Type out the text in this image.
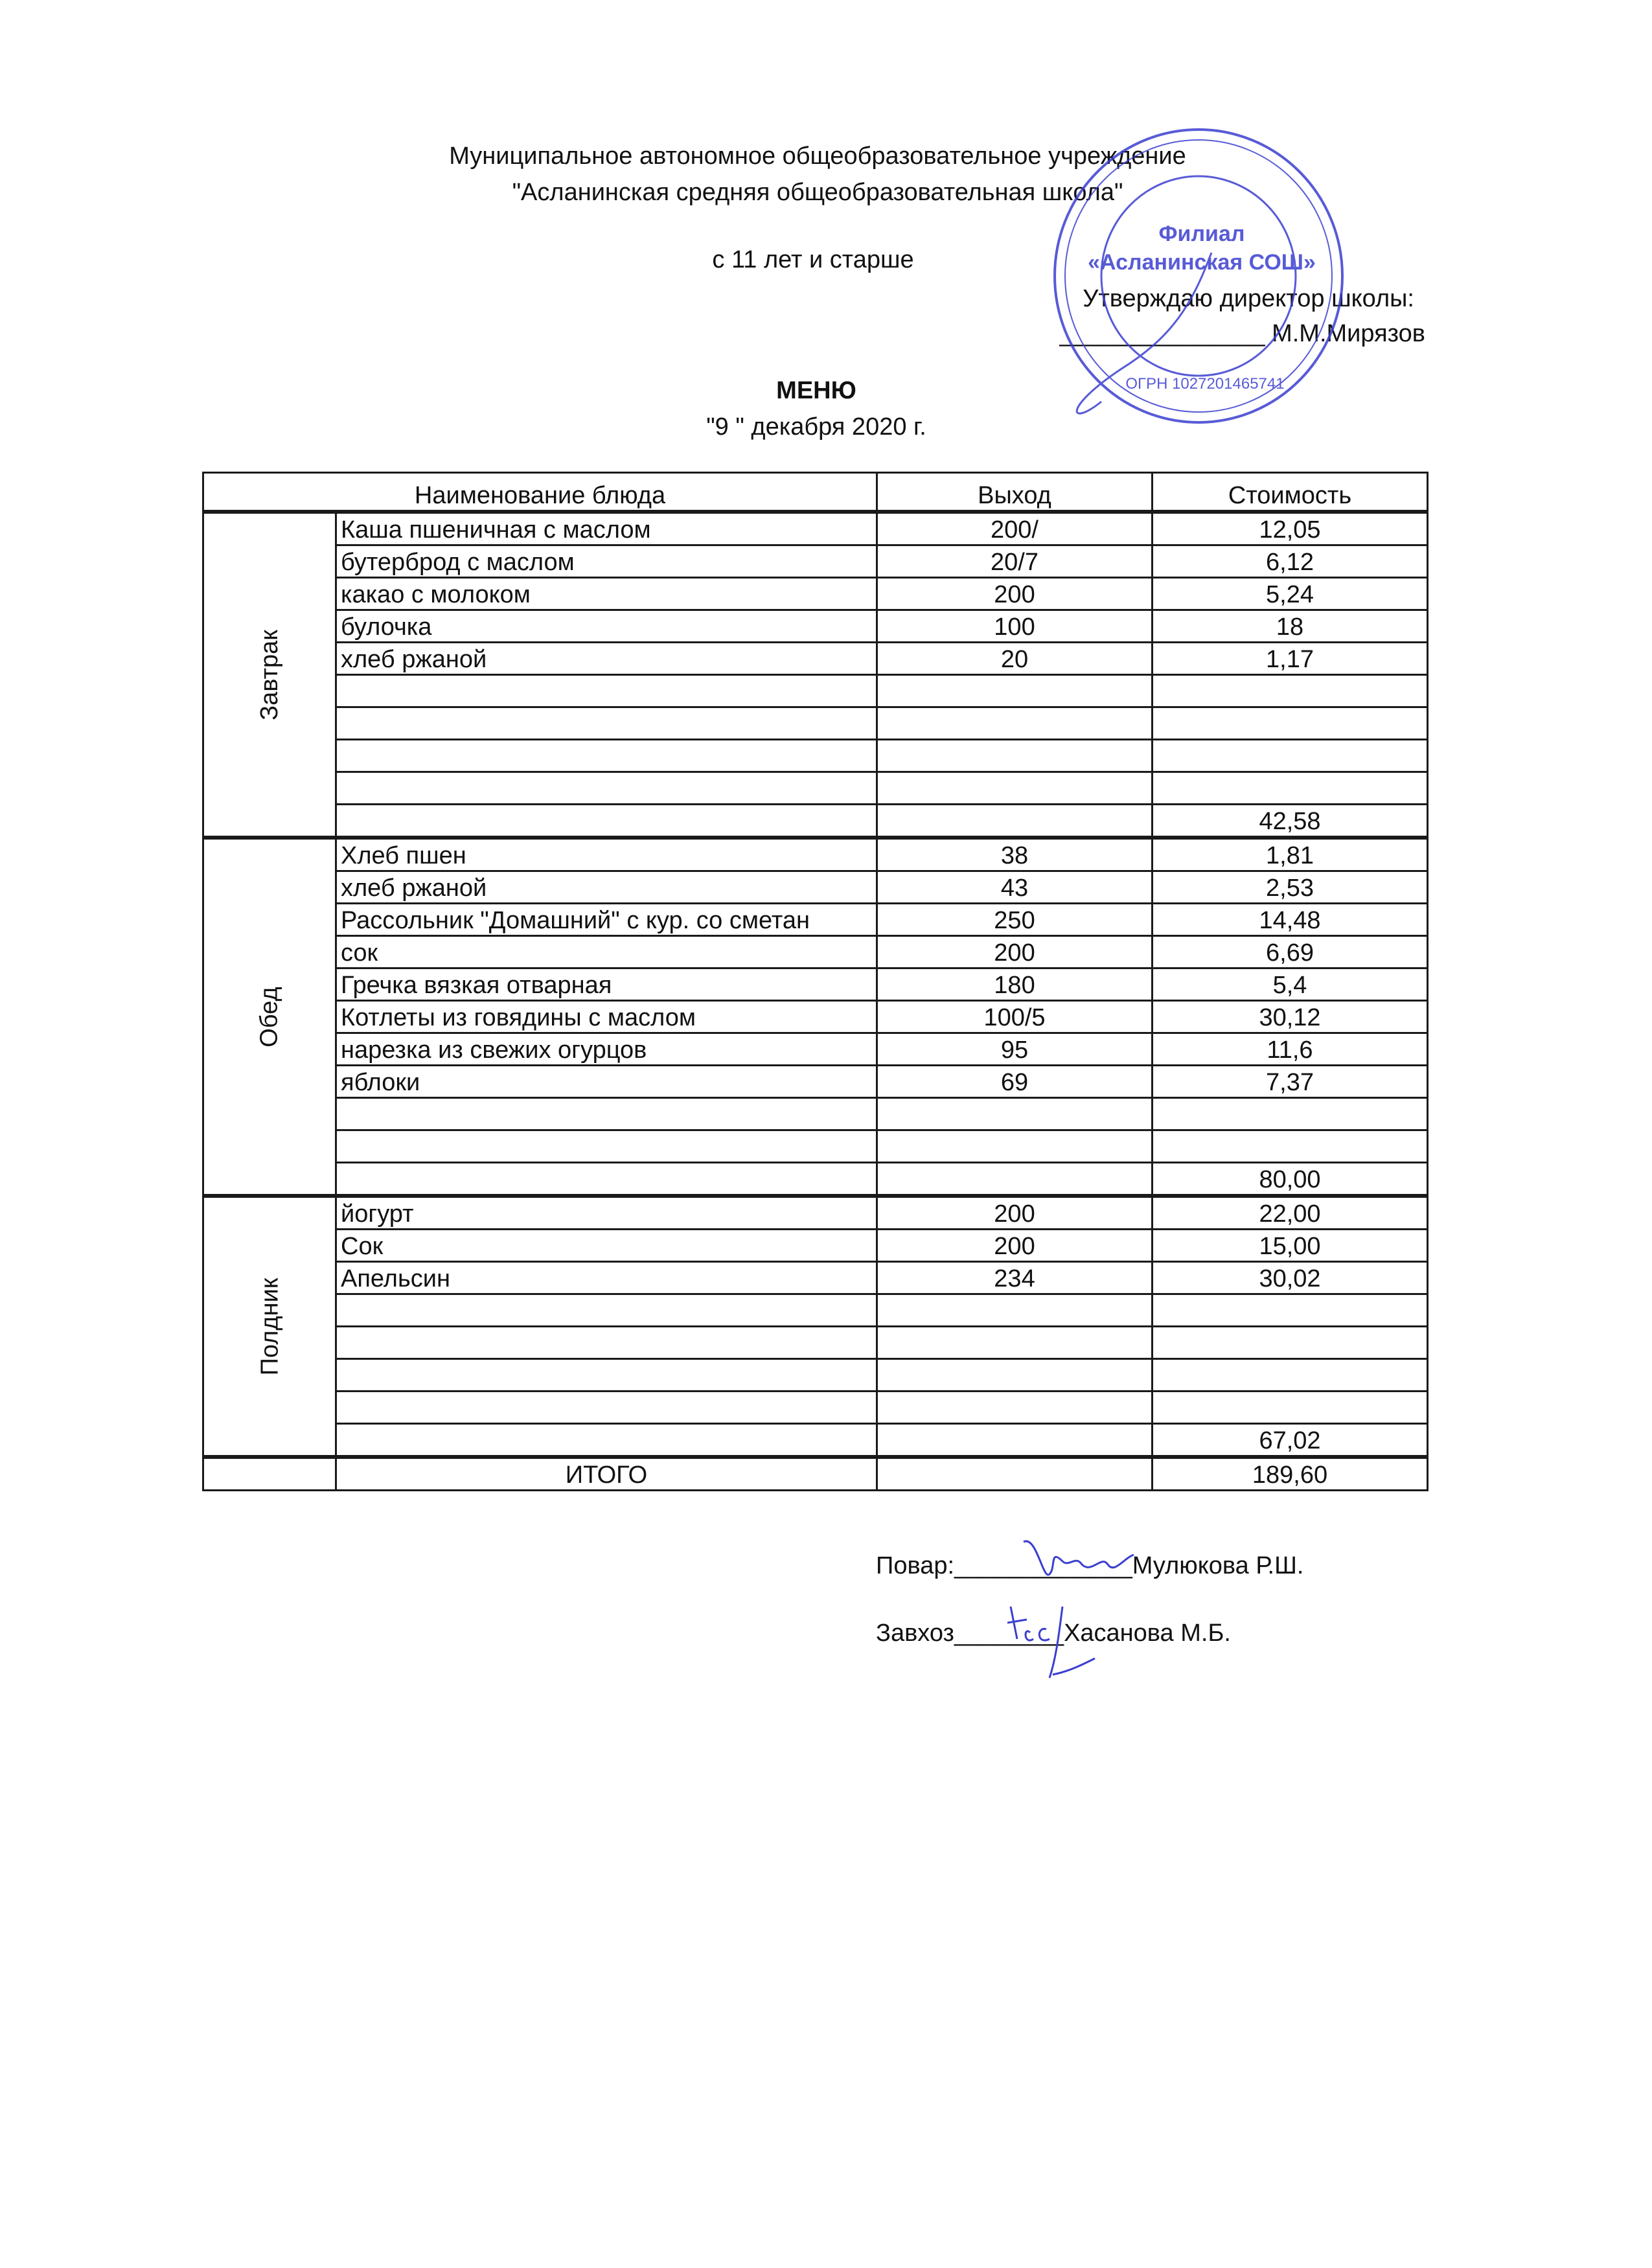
Муниципальное автономное общеобразовательное учреждение
"Асланинская средняя общеобразовательная школа"
с 11 лет и старше
Утверждаю директор школы:
_______________ М.М.Мирязов
МЕНЮ
"9 " декабря 2020 г.
Филиал
«Асланинская СОШ»
ОГРН 1027201465741
Наименование блюда		Выход	Стоимость
Завтрак	Каша пшеничная с маслом	200/	12,05
	бутерброд с маслом	20/7	6,12
	какао с молоком	200	5,24
	булочка	100	18
	хлеб ржаной	20	1,17

			42,58
Обед	Хлеб пшен	38	1,81
	хлеб ржаной	43	2,53
	Рассольник "Домашний" с кур. со сметан	250	14,48
	сок	200	6,69
	Гречка вязкая отварная	180	5,4
	Котлеты из говядины с маслом	100/5	30,12
	нарезка из свежих огурцов	95	11,6
	яблоки	69	7,37

			80,00
Полдник	йогурт	200	22,00
	Сок	200	15,00
	Апельсин	234	30,02

			67,02
	ИТОГО		189,60
Повар:_____________Мулюкова Р.Ш.
Завхоз________Хасанова М.Б.
